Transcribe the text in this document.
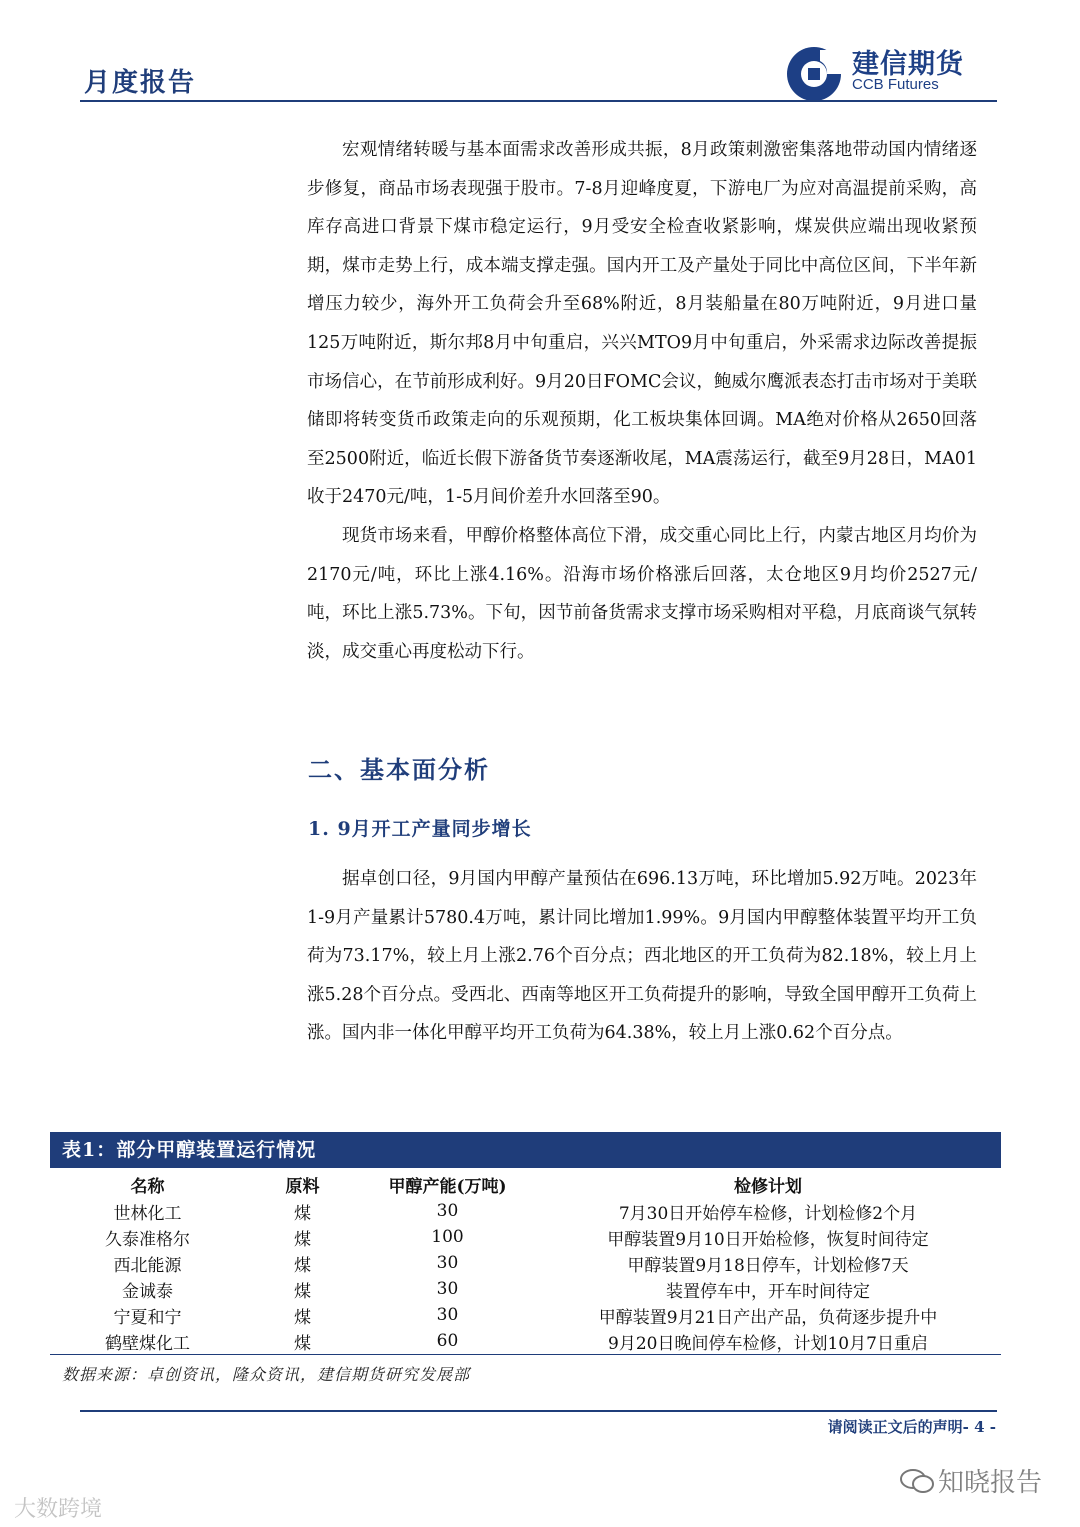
月度报告
建信期货
CCB Futures

宏观情绪转暖与基本面需求改善形成共振，8月政策刺激密集落地带动国内情绪逐步修复，商品市场表现强于股市。7-8月迎峰度夏，下游电厂为应对高温提前采购，高库存高进口背景下煤市稳定运行，9月受安全检查收紧影响，煤炭供应端出现收紧预期，煤市走势上行，成本端支撑走强。国内开工及产量处于同比中高位区间，下半年新增压力较少，海外开工负荷会升至68%附近，8月装船量在80万吨附近，9月进口量125万吨附近，斯尔邦8月中旬重启，兴兴MTO9月中旬重启，外采需求边际改善提振市场信心，在节前形成利好。9月20日FOMC会议，鲍威尔鹰派表态打击市场对于美联储即将转变货币政策走向的乐观预期，化工板块集体回调。MA绝对价格从2650回落至2500附近，临近长假下游备货节奏逐渐收尾，MA震荡运行，截至9月28日，MA01收于2470元/吨，1-5月间价差升水回落至90。

现货市场来看，甲醇价格整体高位下滑，成交重心同比上行，内蒙古地区月均价为2170元/吨，环比上涨4.16%。沿海市场价格涨后回落，太仓地区9月均价2527元/吨，环比上涨5.73%。下旬，因节前备货需求支撑市场采购相对平稳，月底商谈气氛转淡，成交重心再度松动下行。

二、基本面分析
1. 9月开工产量同步增长

据卓创口径，9月国内甲醇产量预估在696.13万吨，环比增加5.92万吨。2023年1-9月产量累计5780.4万吨，累计同比增加1.99%。9月国内甲醇整体装置平均开工负荷为73.17%，较上月上涨2.76个百分点；西北地区的开工负荷为82.18%，较上月上涨5.28个百分点。受西北、西南等地区开工负荷提升的影响，导致全国甲醇开工负荷上涨。国内非一体化甲醇平均开工负荷为64.38%，较上月上涨0.62个百分点。

表1：部分甲醇装置运行情况
名称	原料	甲醇产能(万吨)	检修计划
世林化工	煤	30	7月30日开始停车检修，计划检修2个月
久泰准格尔	煤	100	甲醇装置9月10日开始检修，恢复时间待定
西北能源	煤	30	甲醇装置9月18日停车，计划检修7天
金诚泰	煤	30	装置停车中，开车时间待定
宁夏和宁	煤	30	甲醇装置9月21日产出产品，负荷逐步提升中
鹤壁煤化工	煤	60	9月20日晚间停车检修，计划10月7日重启
数据来源：卓创资讯，隆众资讯，建信期货研究发展部
请阅读正文后的声明- 4 -
知晓报告
大数跨境
